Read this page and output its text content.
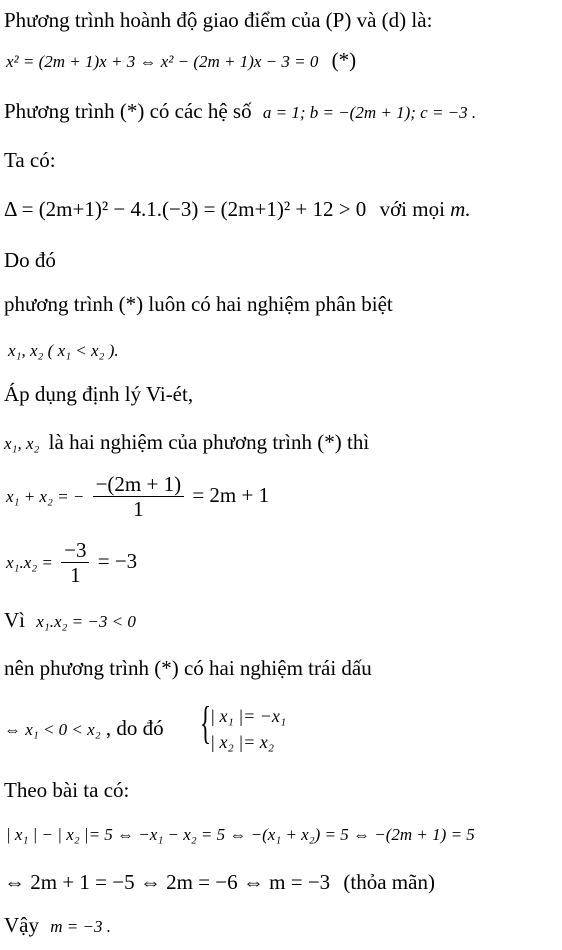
Phương trình hoành độ giao điểm của (P) và (d) là:
x² = (2m + 1)x + 3 ⇔ x² − (2m + 1)x − 3 = 0 (*)
Phương trình (*) có các hệ số a = 1; b = −(2m + 1); c = −3 .
Ta có:
Δ = (2m+1)² − 4.1.(−3) = (2m+1)² + 12 > 0 với mọi m.
Do đó
phương trình (*) luôn có hai nghiệm phân biệt
x₁, x₂ ( x₁ < x₂ ).
Áp dụng định lý Vi-ét,
x₁, x₂ là hai nghiệm của phương trình (*) thì
x₁ + x₂ = − $\frac{-(2m + 1)}{1} = 2m + 1$
$x_1.x_2 = \frac{-3}{1} = -3$
Vì x₁.x₂ = −3 < 0
nên phương trình (*) có hai nghiệm trái dấu
⇔ x₁ < 0 < x₂ , do đó {
| x₁ |= −x₁
| x₂ |= x₂
Theo bài ta có:
| x₁ | − | x₂ |= 5 ⇔ −x₁ − x₂ = 5 ⇔ −(x₁ + x₂) = 5 ⇔ −(2m + 1) = 5
⇔ 2m + 1 = −5 ⇔ 2m = −6 ⇔ m = −3 (thỏa mãn)
Vậy m = −3 .
